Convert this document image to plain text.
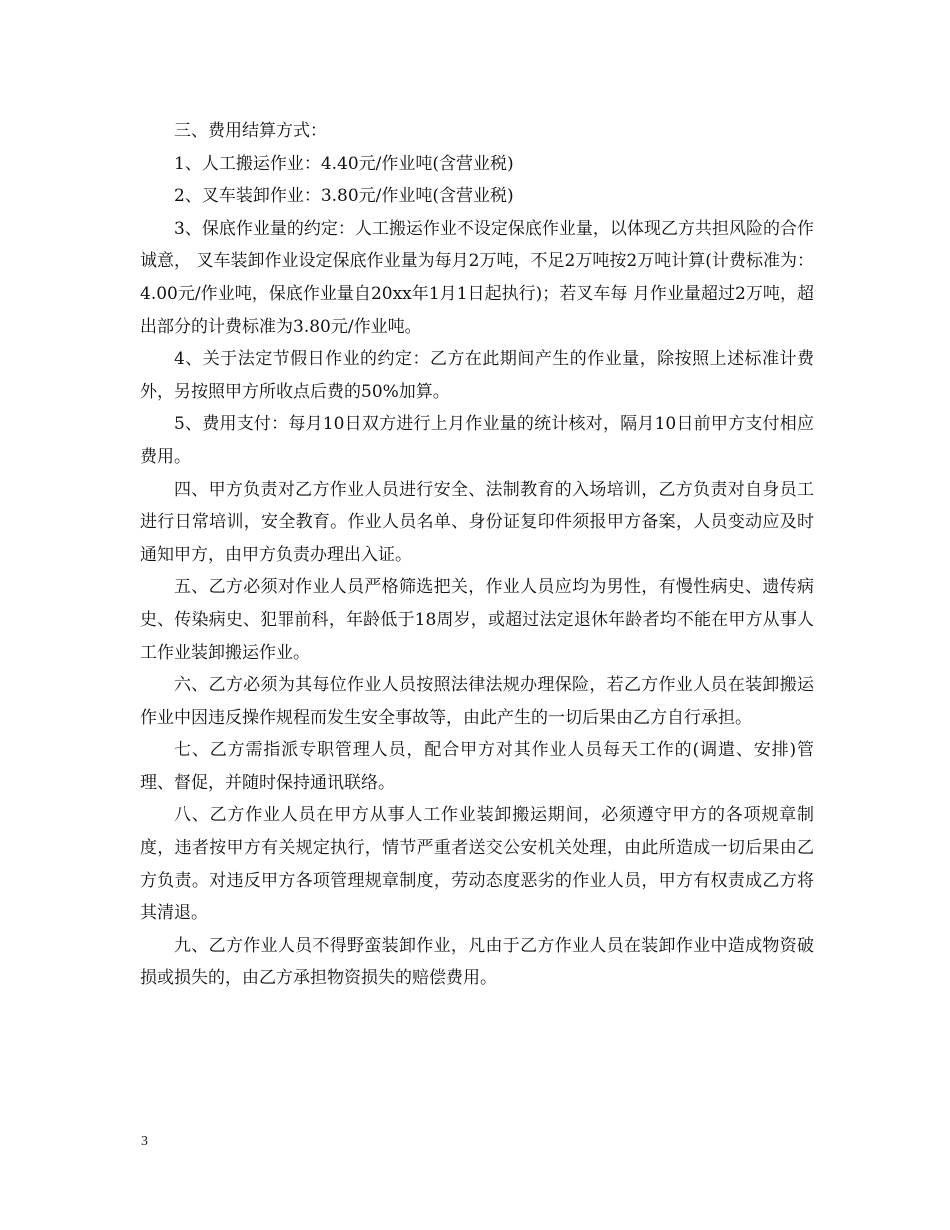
三、费用结算方式：

1、人工搬运作业：4.40元/作业吨(含营业税)

2、叉车装卸作业：3.80元/作业吨(含营业税)

3、保底作业量的约定：人工搬运作业不设定保底作业量，以体现乙方共担风险的合作诚意， 叉车装卸作业设定保底作业量为每月2万吨，不足2万吨按2万吨计算(计费标准为：4.00元/作业吨，保底作业量自20xx年1月1日起执行)；若叉车每 月作业量超过2万吨，超出部分的计费标准为3.80元/作业吨。

4、关于法定节假日作业的约定：乙方在此期间产生的作业量，除按照上述标准计费外，另按照甲方所收点后费的50%加算。

5、费用支付：每月10日双方进行上月作业量的统计核对，隔月10日前甲方支付相应费用。

四、甲方负责对乙方作业人员进行安全、法制教育的入场培训，乙方负责对自身员工进行日常培训，安全教育。作业人员名单、身份证复印件须报甲方备案，人员变动应及时通知甲方，由甲方负责办理出入证。

五、乙方必须对作业人员严格筛选把关，作业人员应均为男性，有慢性病史、遗传病史、传染病史、犯罪前科，年龄低于18周岁，或超过法定退休年龄者均不能在甲方从事人工作业装卸搬运作业。

六、乙方必须为其每位作业人员按照法律法规办理保险，若乙方作业人员在装卸搬运作业中因违反操作规程而发生安全事故等，由此产生的一切后果由乙方自行承担。

七、乙方需指派专职管理人员，配合甲方对其作业人员每天工作的(调遣、安排)管理、督促，并随时保持通讯联络。

八、乙方作业人员在甲方从事人工作业装卸搬运期间，必须遵守甲方的各项规章制度，违者按甲方有关规定执行，情节严重者送交公安机关处理，由此所造成一切后果由乙方负责。对违反甲方各项管理规章制度，劳动态度恶劣的作业人员，甲方有权责成乙方将其清退。

九、乙方作业人员不得野蛮装卸作业，凡由于乙方作业人员在装卸作业中造成物资破损或损失的，由乙方承担物资损失的赔偿费用。

3
